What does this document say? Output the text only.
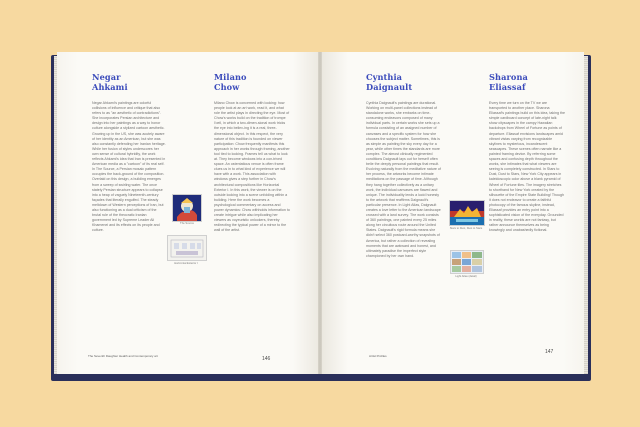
Negar
Ahkami
Negar Ahkami's paintings are colorful collisions of influence and critique that also refers to as "an aesthetic of contradictions". She incorporates Persian architecture and design into her paintings as a way to honor culture alongside a stylized cartoon aesthetic. Growing up in the US, she was acutely aware of her identity as an American, but she was also constantly defending her Iranian heritage. While her fusion of styles underscores her own sense of cultural hybridity, the work reflects Ahkami's idea that Iran is presented in American media as a "cartoon" of its real self. In The Source, a Persian mosaic pattern occupies the back-ground of the composition. Overlaid on this design, a building emerges from a sweep of swirling water. The once stately Persian structure appears to collapse into a heap of vaguely Nineteenth-century façades that literally engulfed. The steady meltdown of Western perceptions of Iran, but also functioning as a dual criticism of the brutal rule of the theocratic Iranian government led by Supreme Leader Ali Khamenei and its effects on its people and culture.
Milano
Chow
Milano Chow is concerned with looking: how people look at an art work, read it, and what role the artist plays in directing the eye. Most of Chow's works build on the tradition of trompe l'oeil, in which a two-dimen-sional work tricks the eye into believ-ing it is a real, three-dimensional object. In this respect, the very nature of this tradition is founded on viewer participation: Chow frequently manifests this approach in her works through framing, another tool tied to looking. Frames tell us what to look at. They become windows into a con-trived space. An ostentatious venue is often frame clues us in to what kind of experience we will have with a work. This association with windows gives a step further in Chow's architectural compositions like Horizontal Exterior I. In this work, the viewer is on the outside looking into a scene unfolding within a building. Here the work becomes a psychological commentary on access and power dynamics: Chow withholds information to create intrigue while also implicating her viewers as voyeuristic onlookers, thereby redirecting the typical power of a mirror to the wall of the artist.
The Source
Horizontal Exterior I
The Seventh Daughter Health and Contemporary art	146
Cynthia
Daignault
Cynthia Daignault's paintings are durational. Working on multi-panel collections instead of standalone works, she embarks on time-consuming endeavors composed of many individual parts. In certain works she sets up a formula consisting of an assigned number of canvases and a specific system for how she chooses the subject matter. Sometimes, this is as simple as painting the sky every day for a year, while other times the standards are more complex. The almost clinically regimented conditions Daignault lays out for herself often belie the deeply personal paintings that result. Evolving naturally from the meditative nature of her process, the artworks become intimate meditations on the passage of time. Although they hang together collectively as a unitary work, the individual canvases are flawed and unique. The individuality lends a lucid honesty to the artwork that reaffirms Daignault's particular presence. In Light Atlas, Daignault creates a love letter to the American landscape crossed with a land survey. The work consists of 360 paintings, one painted every 25 miles along her circuitous route around the United States. Daignault's rigid formula means she didn't select 360 postcard-worthy snapshots of America, but rather a collection of revealing moments that are awkward and honest, and ultimately paradise the imperfect style championed by her own hand.
Sharona
Eliassaf
Every time we turn on the TV we are transported to another place. Sharona Eliassaf's paintings build on this idea, taking the simple cardboard concept of late-night talk show cityscapes in the campy Hawaiian backdrops from Wheel of Fortune as points of departure. Eliassaf envisions landscapes amid vibrant vistas varying from recognizable skylines to mysterious, incandescent seascapes. These scenes often narrate like a painted framing device. By referring some spaces and confusing depth throughout the works, she intimates that what viewers are seeing is completely constructed. In Stars to Dust, Dust to Stars, New York City appears in kaleidoscopic color above a blank pyramid of Wheel of Fortune tiles. The imagery stretches to shorthand for New York created by the silhouette of the Empire State Building! Though it does not endeavor to create a faithful photocopy of the famous skyline, instead, Eliassaf provides an entry point into a sophisticated vision of the everyday. Grounded in reality, these worlds are not fantasy, but rather announce themselves as being knowingly and unabashedly fictional.
Stars to Dust, Dust to Stars
Light Atlas (detail)
Artist Profiles
147
